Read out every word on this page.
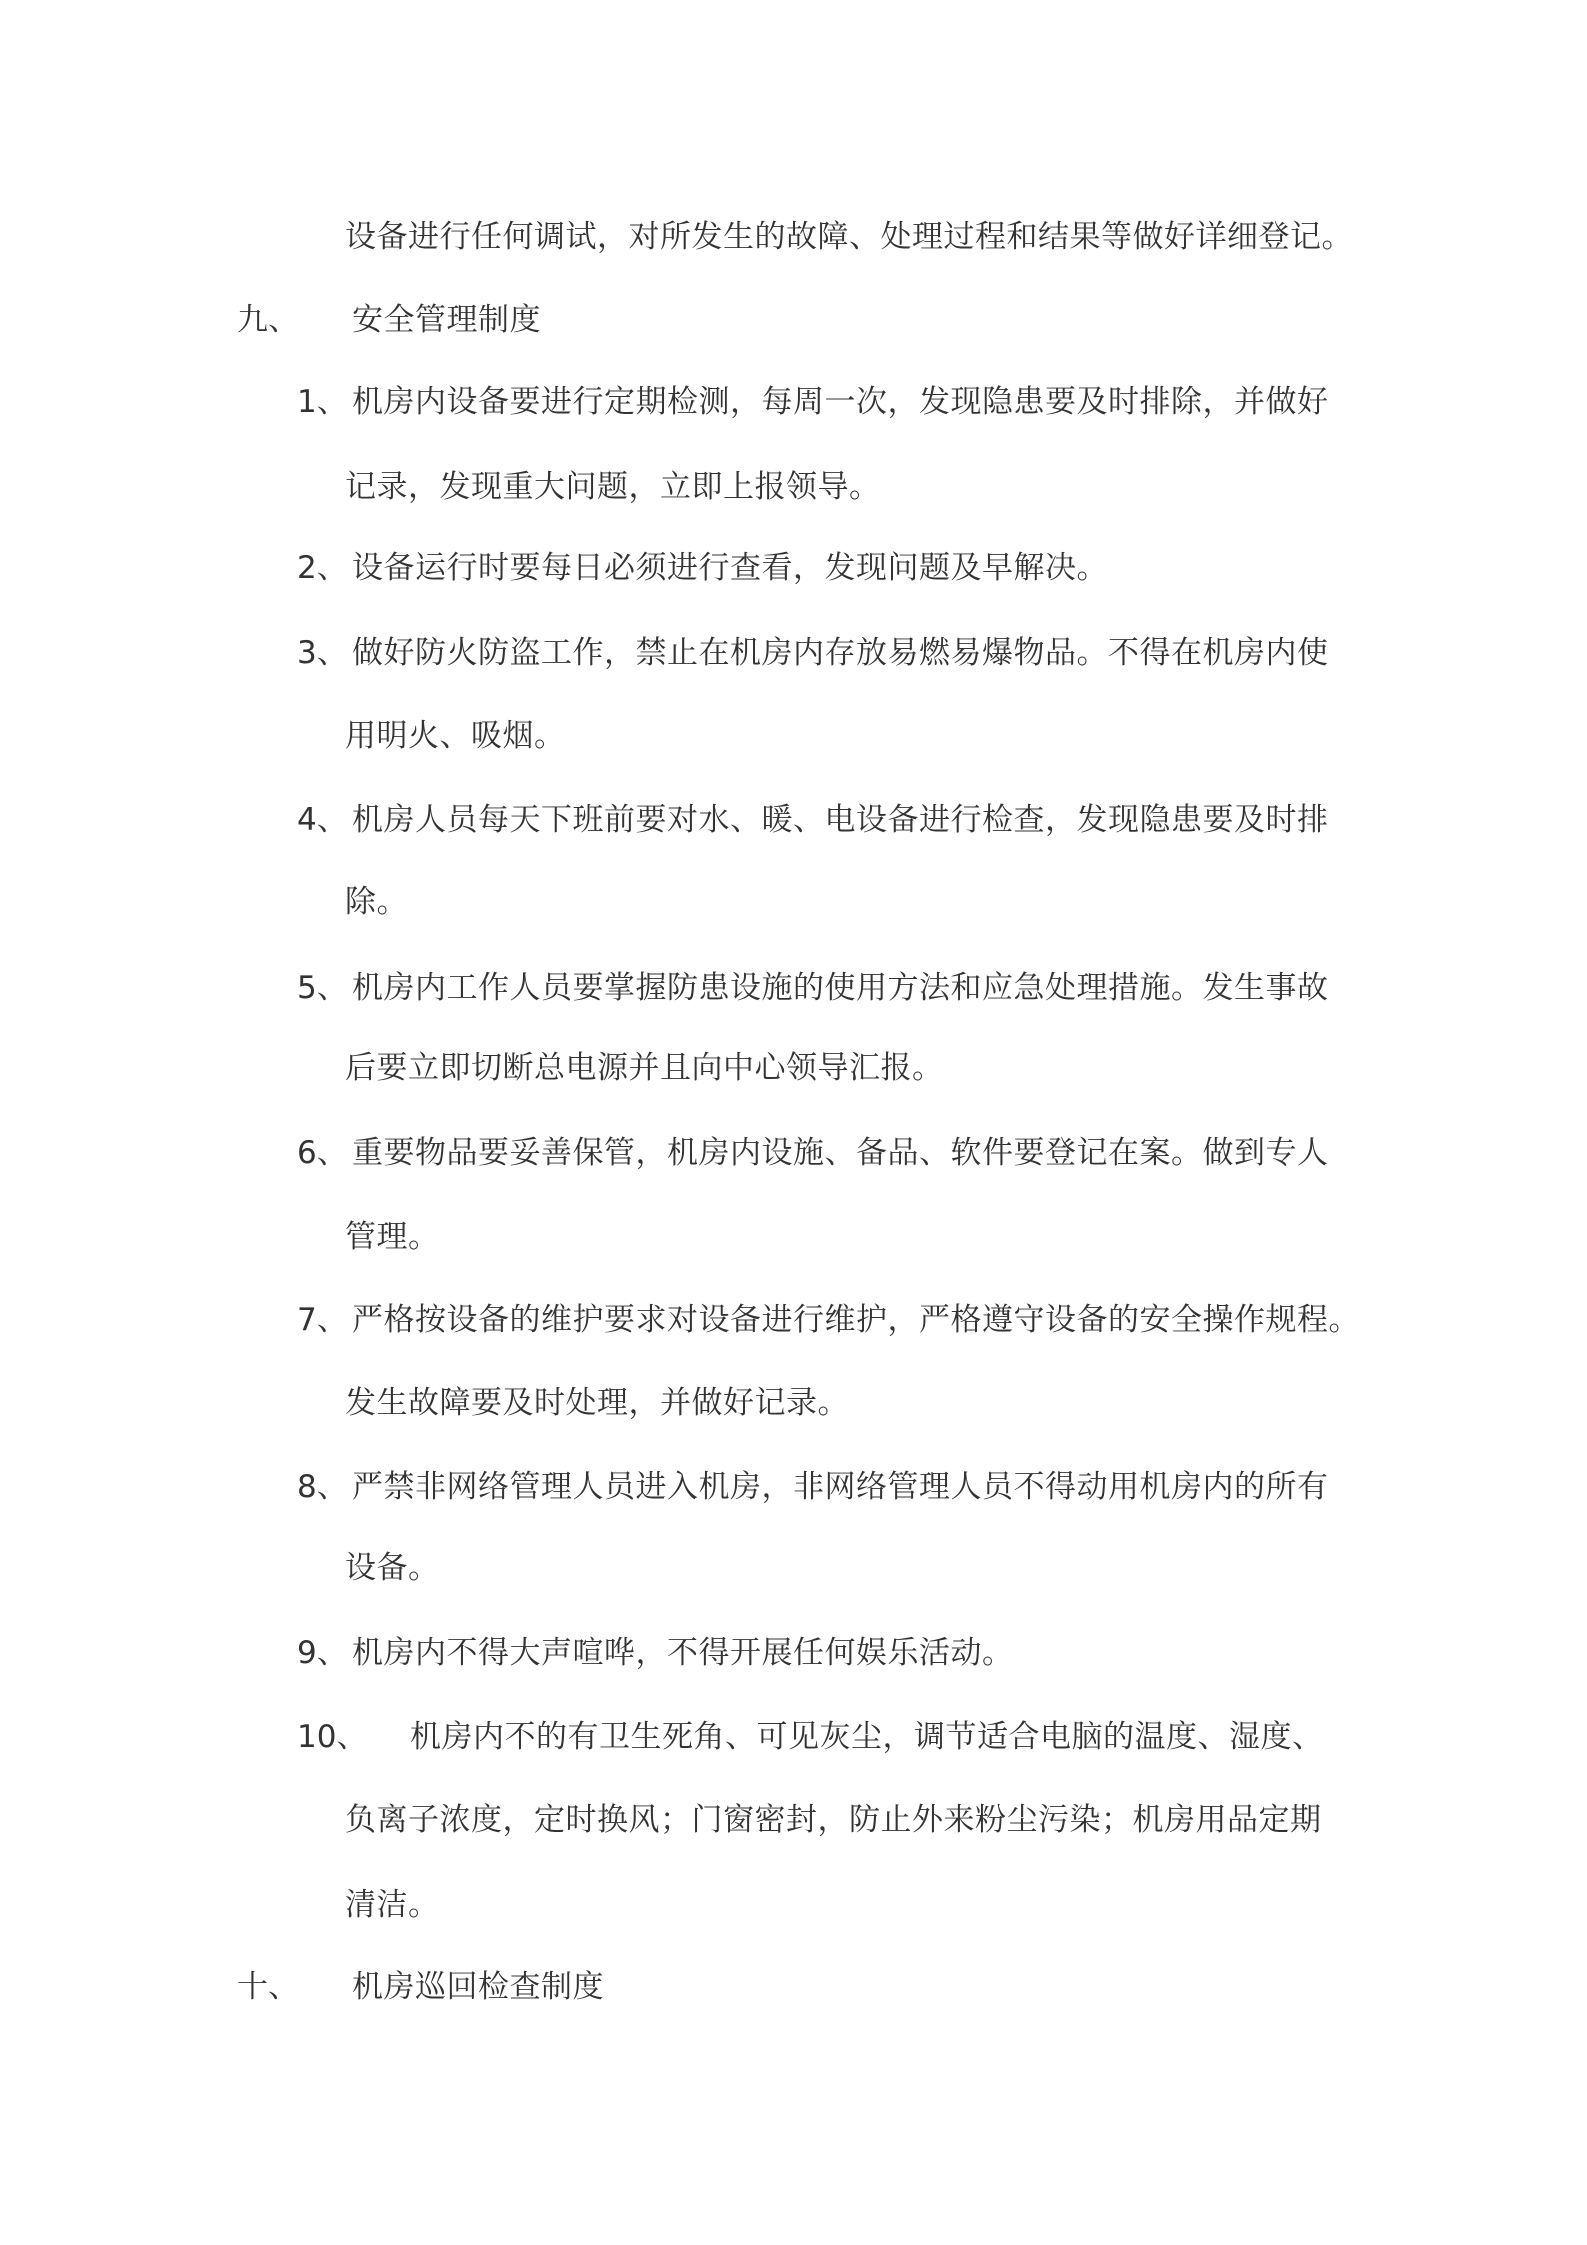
设备进行任何调试，对所发生的故障、处理过程和结果等做好详细登记。
九、 安全管理制度
1、 机房内设备要进行定期检测，每周一次，发现隐患要及时排除，并做好
记录，发现重大问题，立即上报领导。
2、 设备运行时要每日必须进行查看，发现问题及早解决。
3、 做好防火防盗工作，禁止在机房内存放易燃易爆物品。不得在机房内使
用明火、吸烟。
4、 机房人员每天下班前要对水、暖、电设备进行检查，发现隐患要及时排
除。
5、 机房内工作人员要掌握防患设施的使用方法和应急处理措施。发生事故
后要立即切断总电源并且向中心领导汇报。
6、 重要物品要妥善保管，机房内设施、备品、软件要登记在案。做到专人
管理。
7、 严格按设备的维护要求对设备进行维护，严格遵守设备的安全操作规程。
发生故障要及时处理，并做好记录。
8、 严禁非网络管理人员进入机房，非网络管理人员不得动用机房内的所有
设备。
9、 机房内不得大声喧哗，不得开展任何娱乐活动。
10、 机房内不的有卫生死角、可见灰尘，调节适合电脑的温度、湿度、
负离子浓度，定时换风；门窗密封，防止外来粉尘污染；机房用品定期
清洁。
十、 机房巡回检查制度
